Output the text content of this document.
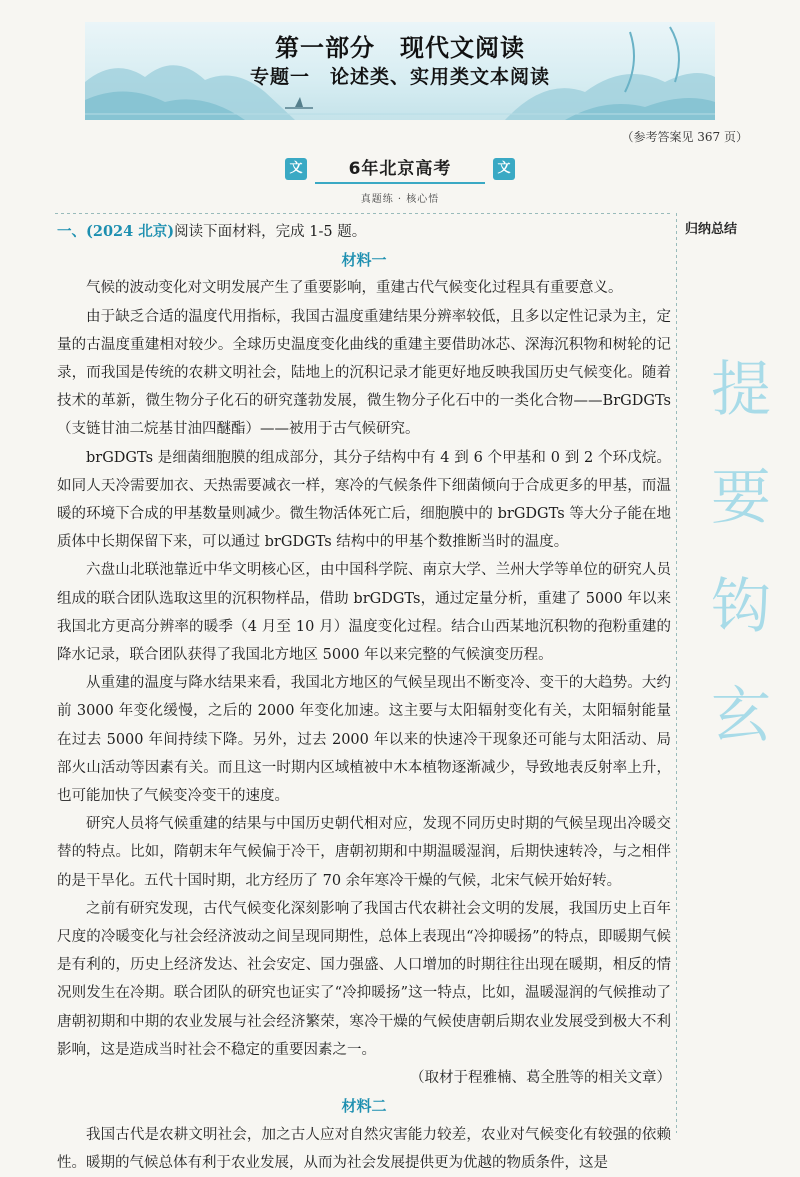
第一部分　现代文阅读
专题一　论述类、实用类文本阅读
（参考答案见 367 页）
文	6年北京高考	文
真题练 · 核心悟
归纳总结
提
要
钩
玄

一、(2024 北京)阅读下面材料，完成 1-5 题。

材料一

气候的波动变化对文明发展产生了重要影响，重建古代气候变化过程具有重要意义。

由于缺乏合适的温度代用指标，我国古温度重建结果分辨率较低，且多以定性记录为主，定量的古温度重建相对较少。全球历史温度变化曲线的重建主要借助冰芯、深海沉积物和树轮的记录，而我国是传统的农耕文明社会，陆地上的沉积记录才能更好地反映我国历史气候变化。随着技术的革新，微生物分子化石的研究蓬勃发展，微生物分子化石中的一类化合物——BrGDGTs（支链甘油二烷基甘油四醚酯）——被用于古气候研究。

brGDGTs 是细菌细胞膜的组成部分，其分子结构中有 4 到 6 个甲基和 0 到 2 个环戊烷。如同人天冷需要加衣、天热需要减衣一样，寒冷的气候条件下细菌倾向于合成更多的甲基，而温暖的环境下合成的甲基数量则减少。微生物活体死亡后，细胞膜中的 brGDGTs 等大分子能在地质体中长期保留下来，可以通过 brGDGTs 结构中的甲基个数推断当时的温度。

六盘山北联池靠近中华文明核心区，由中国科学院、南京大学、兰州大学等单位的研究人员组成的联合团队选取这里的沉积物样品，借助 brGDGTs，通过定量分析，重建了 5000 年以来我国北方更高分辨率的暖季（4 月至 10 月）温度变化过程。结合山西某地沉积物的孢粉重建的降水记录，联合团队获得了我国北方地区 5000 年以来完整的气候演变历程。

从重建的温度与降水结果来看，我国北方地区的气候呈现出不断变冷、变干的大趋势。大约前 3000 年变化缓慢，之后的 2000 年变化加速。这主要与太阳辐射变化有关，太阳辐射能量在过去 5000 年间持续下降。另外，过去 2000 年以来的快速冷干现象还可能与太阳活动、局部火山活动等因素有关。而且这一时期内区域植被中木本植物逐渐减少，导致地表反射率上升，也可能加快了气候变冷变干的速度。

研究人员将气候重建的结果与中国历史朝代相对应，发现不同历史时期的气候呈现出冷暖交替的特点。比如，隋朝末年气候偏于冷干，唐朝初期和中期温暖湿润，后期快速转冷，与之相伴的是干旱化。五代十国时期，北方经历了 70 余年寒冷干燥的气候，北宋气候开始好转。

之前有研究发现，古代气候变化深刻影响了我国古代农耕社会文明的发展，我国历史上百年尺度的冷暖变化与社会经济波动之间呈现同期性，总体上表现出“冷抑暖扬”的特点，即暖期气候是有利的，历史上经济发达、社会安定、国力强盛、人口增加的时期往往出现在暖期，相反的情况则发生在冷期。联合团队的研究也证实了“冷抑暖扬”这一特点，比如，温暖湿润的气候推动了唐朝初期和中期的农业发展与社会经济繁荣，寒冷干燥的气候使唐朝后期农业发展受到极大不利影响，这是造成当时社会不稳定的重要因素之一。

（取材于程雅楠、葛全胜等的相关文章）

材料二

我国古代是农耕文明社会，加之古人应对自然灾害能力较差，农业对气候变化有较强的依赖性。暖期的气候总体有利于农业发展，从而为社会发展提供更为优越的物质条件，这是
